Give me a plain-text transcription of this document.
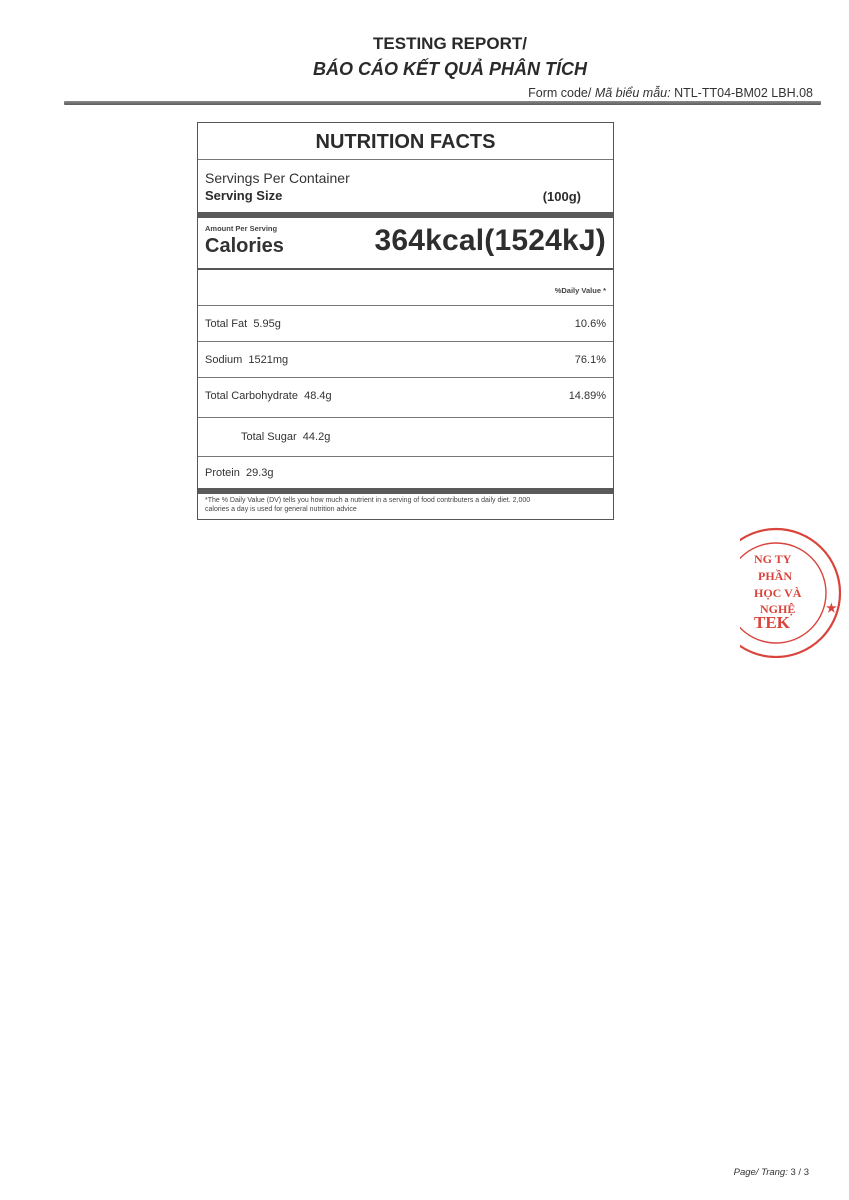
TESTING REPORT/
BÁO CÁO KẾT QUẢ PHÂN TÍCH
Form code/ Mã biểu mẫu: NTL-TT04-BM02 LBH.08
NUTRITION FACTS
Servings Per Container
Serving Size	(100g)
Amount Per Serving
Calories	364kcal(1524kJ)
%Daily Value *
Total Fat 5.95g	10.6%
Sodium 1521mg	76.1%
Total Carbohydrate 48.4g	14.89%
Total Sugar 44.2g
Protein 29.3g
*The % Daily Value (DV) tells you how much a nutrient in a serving of food contributers a daily diet. 2,000
calories a day is used for general nutrition advice
NG TY
PHẦN
HỌC VÀ
NGHỆ
TEK
★
Page/ Trang: 3 / 3
